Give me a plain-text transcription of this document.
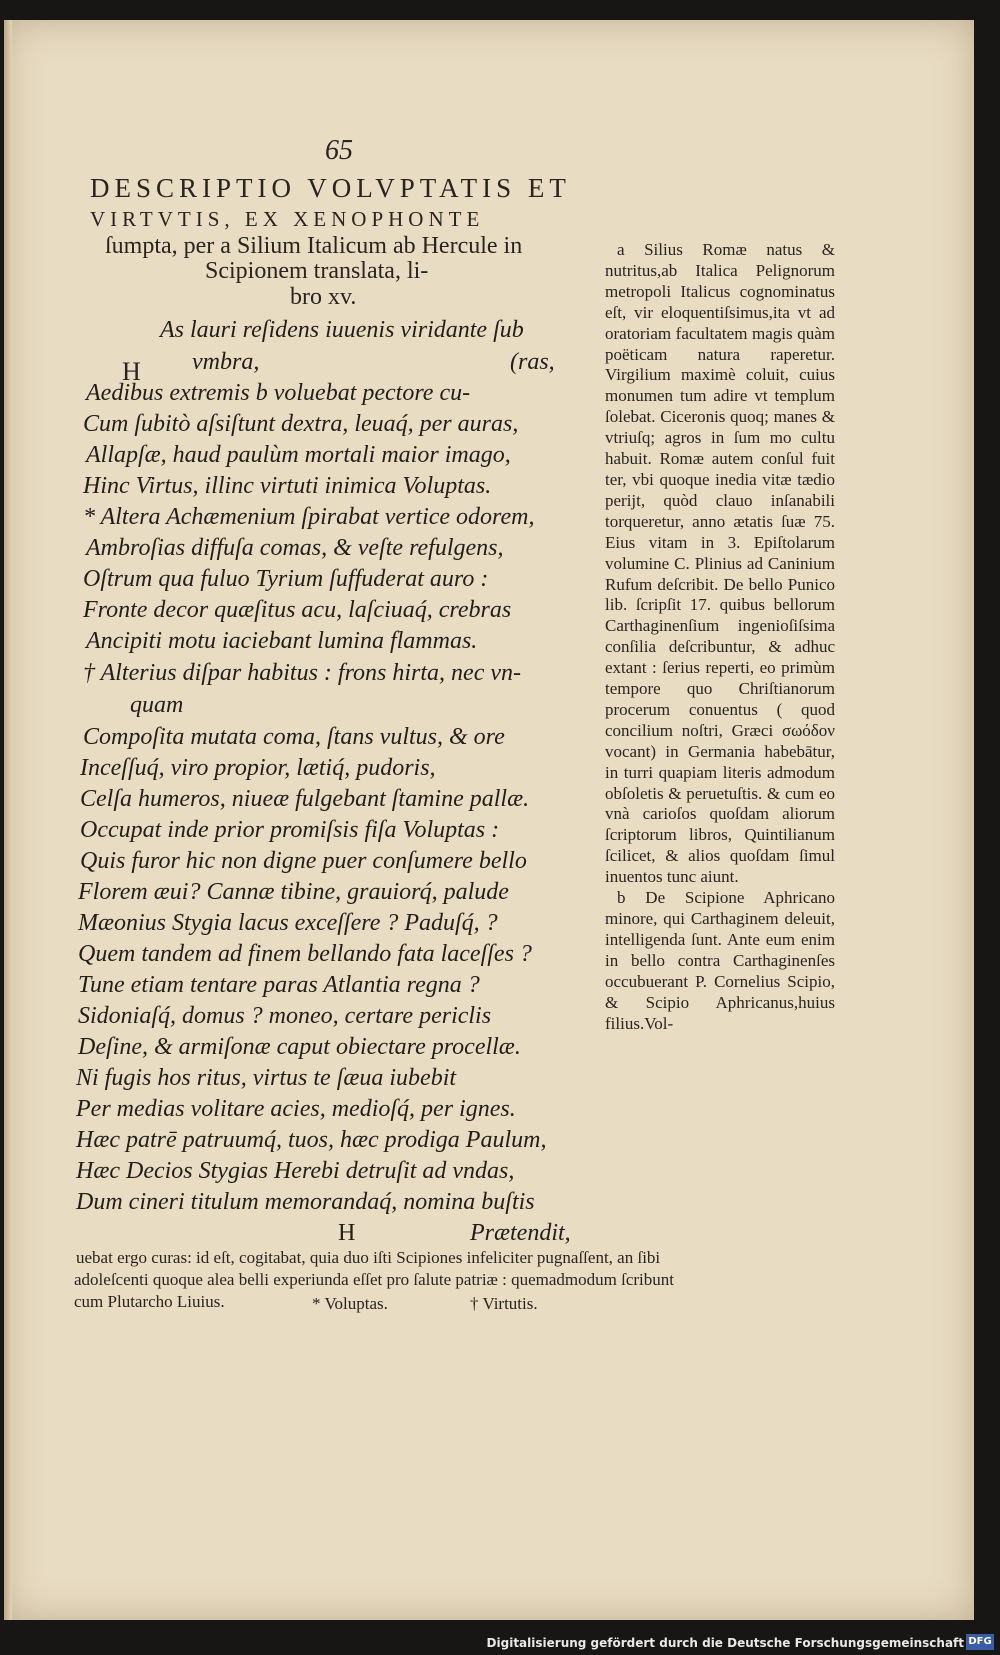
65
DESCRIPTIO VOLVPTATIS ET
VIRTVTIS, EX XENOPHONTE
ſumpta, per a Silium Italicum ab Hercule in
Scipionem translata, li-
bro xv.
H
As lauri reſidens iuuenis viridante ſub
vmbra,	(ras,
Aedibus extremis b voluebat pectore cu-
Cum ſubitò aſsiſtunt dextra, leuaq́, per auras,
Allapſæ, haud paulùm mortali maior imago,
Hinc Virtus, illinc virtuti inimica Voluptas.
* Altera Achæmenium ſpirabat vertice odorem,
Ambroſias diffuſa comas, & veſte refulgens,
Oſtrum qua fuluo Tyrium ſuffuderat auro :
Fronte decor quæſitus acu, laſciuaq́, crebras
Ancipiti motu iaciebant lumina flammas.
† Alterius diſpar habitus : frons hirta, nec vn-
quam
Compoſita mutata coma, ſtans vultus, & ore
Inceſſuq́, viro propior, lætiq́, pudoris,
Celſa humeros, niueæ fulgebant ſtamine pallæ.
Occupat inde prior promiſsis fiſa Voluptas :
Quis furor hic non digne puer conſumere bello
Florem æui? Cannæ tibine, grauiorq́, palude
Mæonius Stygia lacus exceſſere ? Paduſq́, ?
Quem tandem ad finem bellando fata laceſſes ?
Tune etiam tentare paras Atlantia regna ?
Sidoniaſq́, domus ? moneo, certare periclis
Deſine, & armiſonæ caput obiectare procellæ.
Ni fugis hos ritus, virtus te ſæua iubebit
Per medias volitare acies, medioſq́, per ignes.
Hæc patrē patruumq́, tuos, hæc prodiga Paulum,
Hæc Decios Stygias Herebi detruſit ad vndas,
Dum cineri titulum memorandaq́, nomina buſtis
H	Prætendit,

a Silius Romæ natus & nutritus,ab Italica Pelignorum metropoli Italicus cognominatus eſt, vir eloquentiſsimus,ita vt ad oratoriam facultatem magis quàm poëticam natura raperetur. Virgilium maximè coluit, cuius monumen tum adire vt templum ſolebat. Ciceronis quoq; manes & vtriuſq; agros in ſum mo cultu habuit. Romæ autem conſul fuit ter, vbi quoque inedia vitæ tædio perijt, quòd clauo inſanabili torqueretur, anno ætatis ſuæ 75. Eius vitam in 3. Epiſtolarum volumine C. Plinius ad Caninium Rufum deſcribit. De bello Punico lib. ſcripſit 17. quibus bellorum Carthaginenſium ingenioſiſsima conſilia deſcribuntur, & adhuc extant : ſerius reperti, eo primùm tempore quo Chriſtianorum procerum conuentus ( quod concilium noſtri, Græci σωόδον vocant) in Germania habebātur, in turri quapiam literis admodum obſoletis & peruetuſtis. & cum eo vnà carioſos quoſdam aliorum ſcriptorum libros, Quintilianum ſcilicet, & alios quoſdam ſimul inuentos tunc aiunt.

b De Scipione Aphricano minore, qui Carthaginem deleuit, intelligenda ſunt. Ante eum enim in bello contra Carthaginenſes occubuerant P. Cornelius Scipio, & Scipio Aphricanus,huius filius.Vol-

uebat ergo curas: id eſt, cogitabat, quia duo iſti Scipiones infeliciter pugnaſſent, an ſibi
adoleſcenti quoque alea belli experiunda eſſet pro ſalute patriæ : quemadmodum ſcribunt
cum Plutarcho Liuius.	* Voluptas.	† Virtutis.
Digitalisierung gefördert durch die Deutsche Forschungsgemeinschaft DFG
